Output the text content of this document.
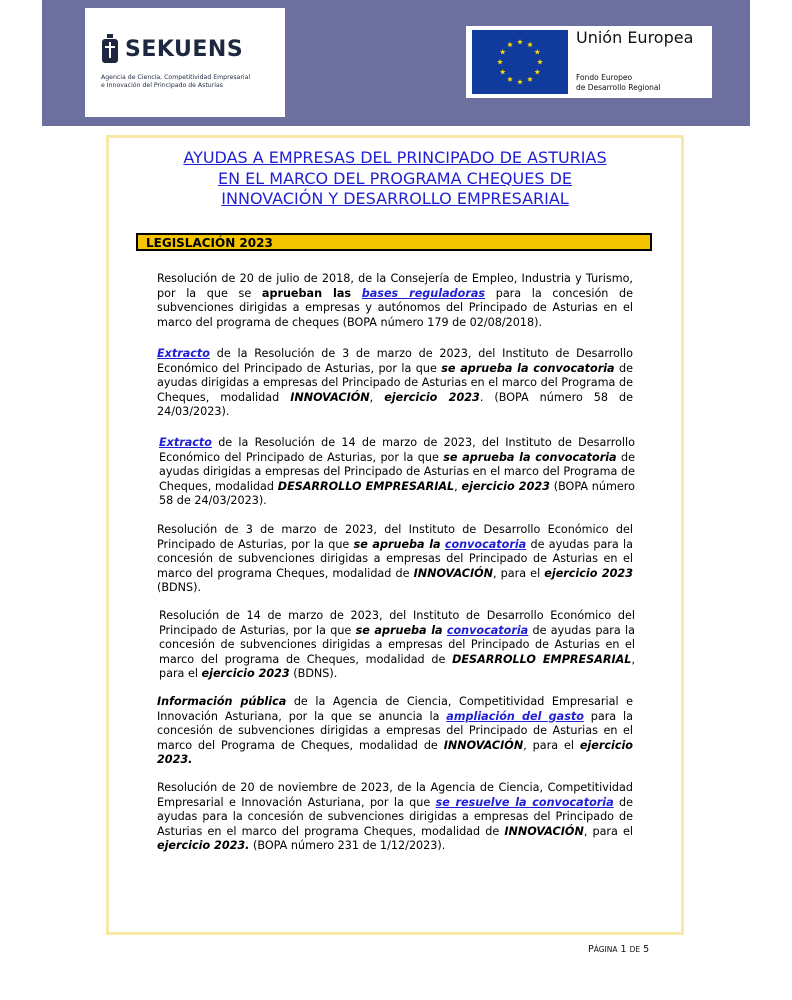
SEKUENS
Agencia de Ciencia, Competitividad Empresarial
e Innovación del Principado de Asturias
Unión Europea
Fondo Europeo
de Desarrollo Regional
AYUDAS A EMPRESAS DEL PRINCIPADO DE ASTURIAS
EN EL MARCO DEL PROGRAMA CHEQUES DE
INNOVACIÓN Y DESARROLLO EMPRESARIAL
LEGISLACIÓN 2023

Resolución de 20 de julio de 2018, de la Consejería de Empleo, Industria y Turismo, por la que se aprueban las bases reguladoras para la concesión de subvenciones dirigidas a empresas y autónomos del Principado de Asturias en el marco del programa de cheques (BOPA número 179 de 02/08/2018).

Extracto de la Resolución de 3 de marzo de 2023, del Instituto de Desarrollo Económico del Principado de Asturias, por la que se aprueba la convocatoria de ayudas dirigidas a empresas del Principado de Asturias en el marco del Programa de Cheques, modalidad INNOVACIÓN, ejercicio 2023. (BOPA número 58 de 24/03/2023).

Extracto de la Resolución de 14 de marzo de 2023, del Instituto de Desarrollo Económico del Principado de Asturias, por la que se aprueba la convocatoria de ayudas dirigidas a empresas del Principado de Asturias en el marco del Programa de Cheques, modalidad DESARROLLO EMPRESARIAL, ejercicio 2023 (BOPA número 58 de 24/03/2023).

Resolución de 3 de marzo de 2023, del Instituto de Desarrollo Económico del Principado de Asturias, por la que se aprueba la convocatoria de ayudas para la concesión de subvenciones dirigidas a empresas del Principado de Asturias en el marco del programa Cheques, modalidad de INNOVACIÓN, para el ejercicio 2023 (BDNS).

Resolución de 14 de marzo de 2023, del Instituto de Desarrollo Económico del Principado de Asturias, por la que se aprueba la convocatoria de ayudas para la concesión de subvenciones dirigidas a empresas del Principado de Asturias en el marco del programa de Cheques, modalidad de DESARROLLO EMPRESARIAL, para el ejercicio 2023 (BDNS).

Información pública de la Agencia de Ciencia, Competitividad Empresarial e Innovación Asturiana, por la que se anuncia la ampliación del gasto para la concesión de subvenciones dirigidas a empresas del Principado de Asturias en el marco del Programa de Cheques, modalidad de INNOVACIÓN, para el ejercicio 2023.

Resolución de 20 de noviembre de 2023, de la Agencia de Ciencia, Competitividad Empresarial e Innovación Asturiana, por la que se resuelve la convocatoria de ayudas para la concesión de subvenciones dirigidas a empresas del Principado de Asturias en el marco del programa Cheques, modalidad de INNOVACIÓN, para el ejercicio 2023. (BOPA número 231 de 1/12/2023).

PÁGINA 1 DE 5
